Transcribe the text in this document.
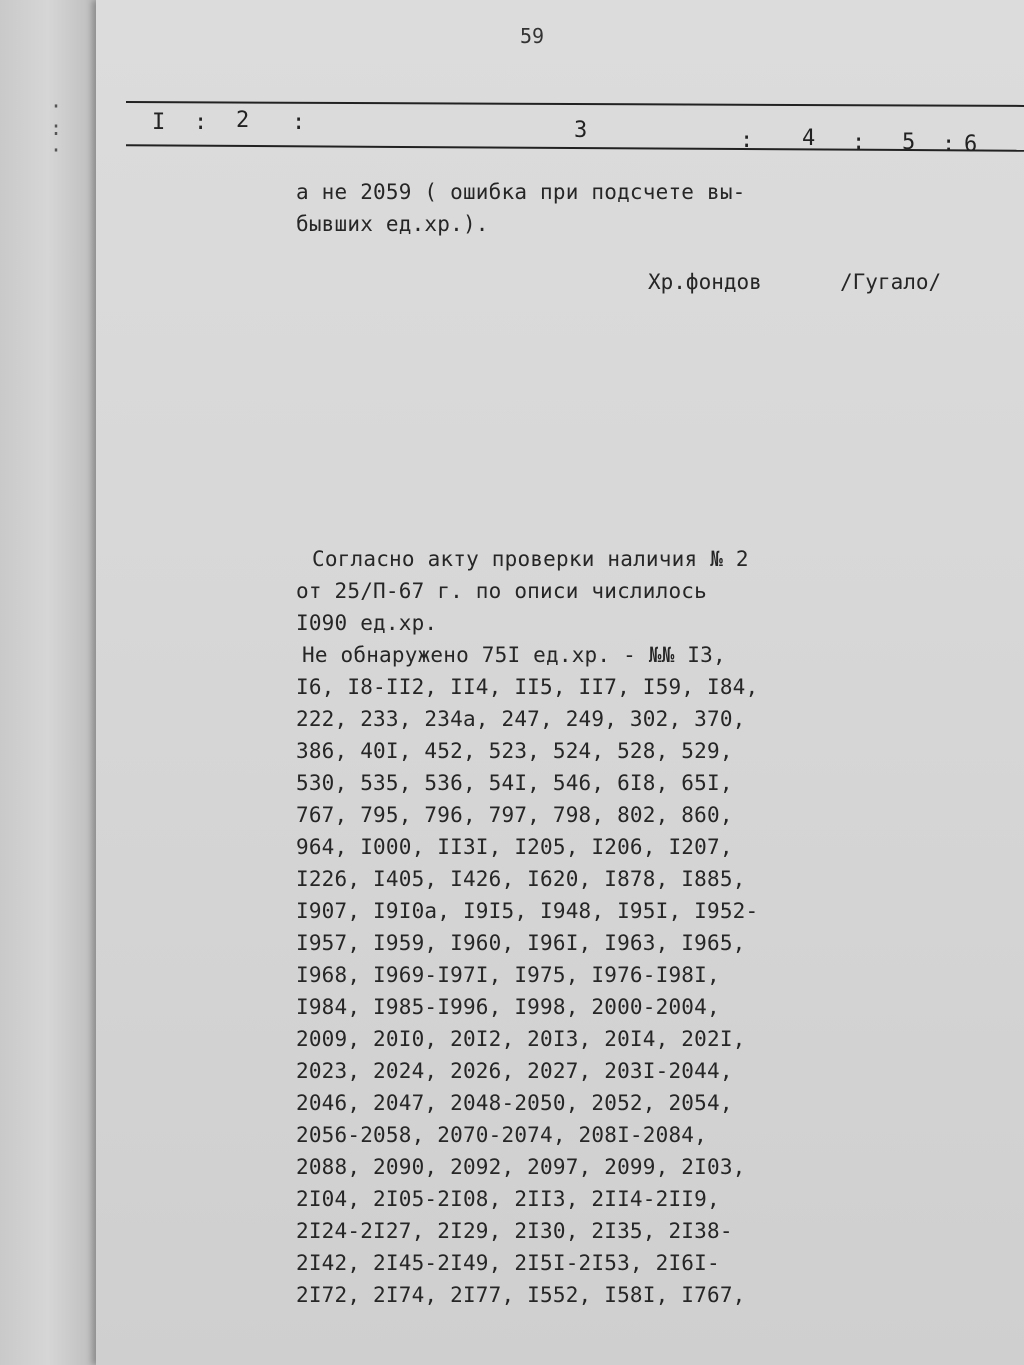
·
:
·
59
I : 2 :	3	: 4 : 5 : 6
а не 2059 ( ошибка при подсчете вы-
бывших ед.хр.).
Хр.фондов	/Гугало/
Согласно акту проверки наличия № 2
от 25/П-67 г. по описи числилось
I090 ед.хр.
Не обнаружено 75I ед.хр. - №№ I3,
I6, I8-II2, II4, II5, II7, I59, I84,
222, 233, 234а, 247, 249, 302, 370,
386, 40I, 452, 523, 524, 528, 529,
530, 535, 536, 54I, 546, 6I8, 65I,
767, 795, 796, 797, 798, 802, 860,
964, I000, II3I, I205, I206, I207,
I226, I405, I426, I620, I878, I885,
I907, I9I0а, I9I5, I948, I95I, I952-
I957, I959, I960, I96I, I963, I965,
I968, I969-I97I, I975, I976-I98I,
I984, I985-I996, I998, 2000-2004,
2009, 20I0, 20I2, 20I3, 20I4, 202I,
2023, 2024, 2026, 2027, 203I-2044,
2046, 2047, 2048-2050, 2052, 2054,
2056-2058, 2070-2074, 208I-2084,
2088, 2090, 2092, 2097, 2099, 2I03,
2I04, 2I05-2I08, 2II3, 2II4-2II9,
2I24-2I27, 2I29, 2I30, 2I35, 2I38-
2I42, 2I45-2I49, 2I5I-2I53, 2I6I-
2I72, 2I74, 2I77, I552, I58I, I767,
